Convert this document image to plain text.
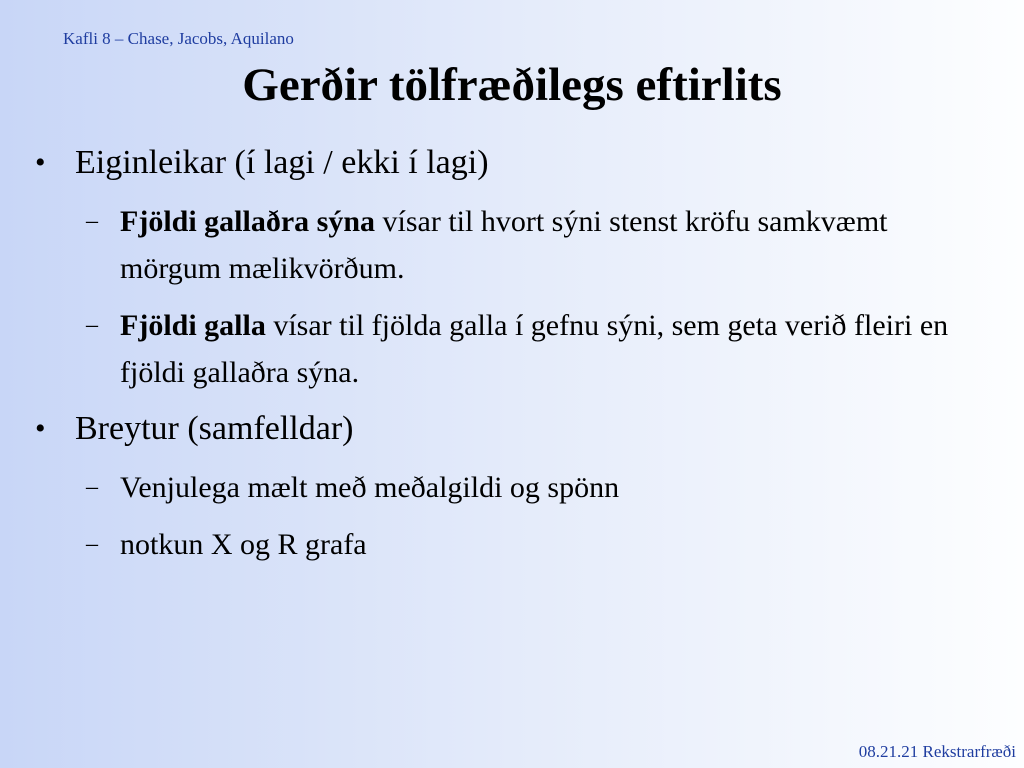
Kafli 8 – Chase, Jacobs, Aquilano
Gerðir tölfræðilegs eftirlits
• Eiginleikar (í lagi / ekki í lagi)
– Fjöldi gallaðra sýna vísar til hvort sýni stenst kröfu samkvæmt mörgum mælikvörðum.
– Fjöldi galla vísar til fjölda galla í gefnu sýni, sem geta verið fleiri en fjöldi gallaðra sýna.
• Breytur (samfelldar)
– Venjulega mælt með meðalgildi og spönn
– notkun X og R grafa
08.21.21 Rekstrarfræði
